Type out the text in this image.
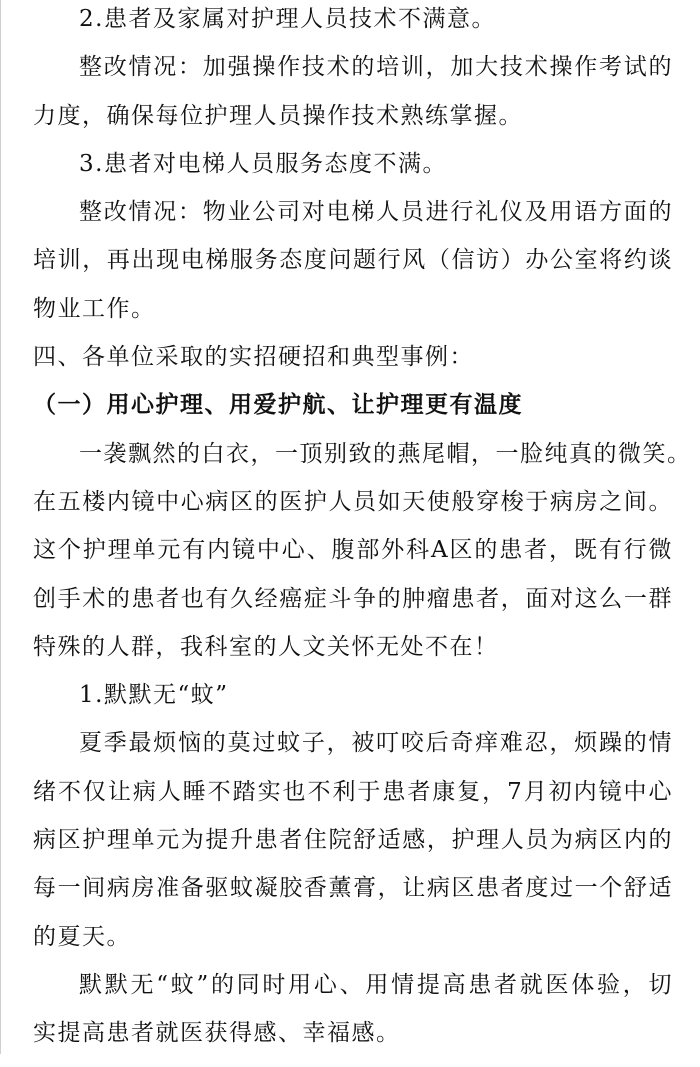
2.患者及家属对护理人员技术不满意。
整改情况：加强操作技术的培训，加大技术操作考试的
力度，确保每位护理人员操作技术熟练掌握。
3.患者对电梯人员服务态度不满。
整改情况：物业公司对电梯人员进行礼仪及用语方面的
培训，再出现电梯服务态度问题行风（信访）办公室将约谈
物业工作。
四、各单位采取的实招硬招和典型事例：
（一）用心护理、用爱护航、让护理更有温度
一袭飘然的白衣，一顶别致的燕尾帽，一脸纯真的微笑。
在五楼内镜中心病区的医护人员如天使般穿梭于病房之间。
这个护理单元有内镜中心、腹部外科A区的患者，既有行微
创手术的患者也有久经癌症斗争的肿瘤患者，面对这么一群
特殊的人群，我科室的人文关怀无处不在！
1.默默无“蚊”
夏季最烦恼的莫过蚊子，被叮咬后奇痒难忍，烦躁的情
绪不仅让病人睡不踏实也不利于患者康复，7月初内镜中心
病区护理单元为提升患者住院舒适感，护理人员为病区内的
每一间病房准备驱蚊凝胶香薰膏，让病区患者度过一个舒适
的夏天。
默默无“蚊”的同时用心、用情提高患者就医体验，切
实提高患者就医获得感、幸福感。
